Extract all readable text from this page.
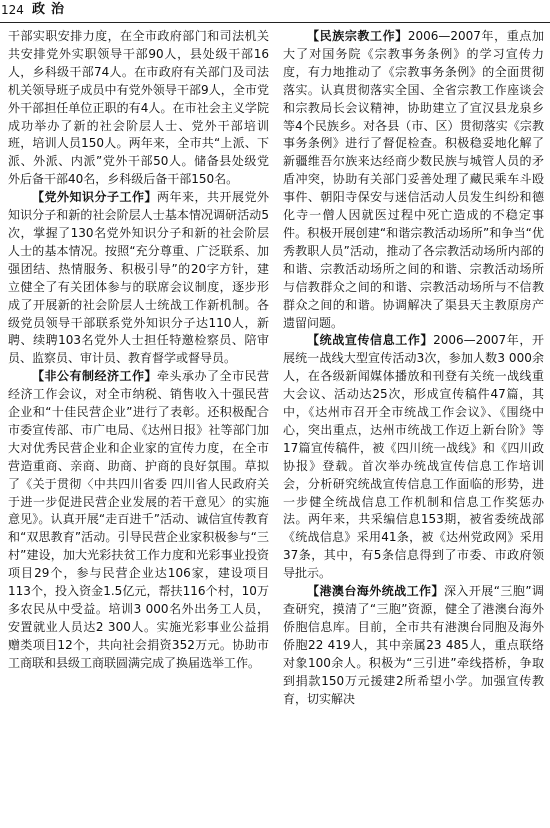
124 政治

干部实职安排力度，在全市政府部门和司法机关共安排党外实职领导干部90人，县处级干部16人，乡科级干部74人。在市政府有关部门及司法机关领导班子成员中有党外领导干部9人，全市党外干部担任单位正职的有4人。在市社会主义学院成功举办了新的社会阶层人士、党外干部培训班，培训人员150人。两年来，全市共“上派、下派、外派、内派”党外干部50人。储备县处级党外后备干部40名，乡科级后备干部150名。

【党外知识分子工作】两年来，共开展党外知识分子和新的社会阶层人士基本情况调研活动5次，掌握了130名党外知识分子和新的社会阶层人士的基本情况。按照“充分尊重、广泛联系、加强团结、热情服务、积极引导”的20字方针，建立健全了有关团体参与的联席会议制度，逐步形成了开展新的社会阶层人士统战工作新机制。各级党员领导干部联系党外知识分子达110人，新聘、续聘103名党外人士担任特邀检察员、陪审员、监察员、审计员、教育督学或督导员。

【非公有制经济工作】牵头承办了全市民营经济工作会议，对全市纳税、销售收入十强民营企业和“十佳民营企业”进行了表彰。还积极配合市委宣传部、市广电局、《达州日报》社等部门加大对优秀民营企业和企业家的宣传力度，在全市营造重商、亲商、助商、护商的良好氛围。草拟了《关于贯彻〈中共四川省委 四川省人民政府关于进一步促进民营企业发展的若干意见〉的实施意见》。认真开展“走百进千”活动、诚信宣传教育和“双思教育”活动。引导民营企业家积极参与“三村”建设，加大光彩扶贫工作力度和光彩事业投资项目29个，参与民营企业达106家，建设项目113个，投入资金1.5亿元，帮扶116个村，10万多农民从中受益。培训3 000名外出务工人员，安置就业人员达2 300人。实施光彩事业公益捐赠类项目12个，共向社会捐资352万元。协助市工商联和县级工商联圆满完成了换届选举工作。

【民族宗教工作】2006—2007年，重点加大了对国务院《宗教事务条例》的学习宣传力度，有力地推动了《宗教事务条例》的全面贯彻落实。认真贯彻落实全国、全省宗教工作座谈会和宗教局长会议精神，协助建立了宣汉县龙泉乡等4个民族乡。对各县（市、区）贯彻落实《宗教事务条例》进行了督促检查。积极稳妥地化解了新疆维吾尔族来达经商少数民族与城管人员的矛盾冲突，协助有关部门妥善处理了藏民乘车斗殴事件、朝阳寺保安与迷信活动人员发生纠纷和德化寺一僧人因就医过程中死亡造成的不稳定事件。积极开展创建“和谐宗教活动场所”和争当“优秀教职人员”活动，推动了各宗教活动场所内部的和谐、宗教活动场所之间的和谐、宗教活动场所与信教群众之间的和谐、宗教活动场所与不信教群众之间的和谐。协调解决了渠县天主教原房产遗留问题。

【统战宣传信息工作】2006—2007年，开展统一战线大型宣传活动3次，参加人数3 000余人，在各级新闻媒体播放和刊登有关统一战线重大会议、活动达25次，形成宣传稿件47篇，其中，《达州市召开全市统战工作会议》、《围绕中心，突出重点，达州市统战工作迈上新台阶》等17篇宣传稿件，被《四川统一战线》和《四川政协报》登载。首次举办统战宣传信息工作培训会，分析研究统战宣传信息工作面临的形势，进一步健全统战信息工作机制和信息工作奖惩办法。两年来，共采编信息153期，被省委统战部《统战信息》采用41条，被《达州党政网》采用37条，其中，有5条信息得到了市委、市政府领导批示。

【港澳台海外统战工作】深入开展“三胞”调查研究，摸清了“三胞”资源，健全了港澳台海外侨胞信息库。目前，全市共有港澳台同胞及海外侨胞22 419人，其中亲属23 485人，重点联络对象100余人。积极为“三引进”牵线搭桥，争取到捐款150万元援建2所希望小学。加强宣传教育，切实解决
